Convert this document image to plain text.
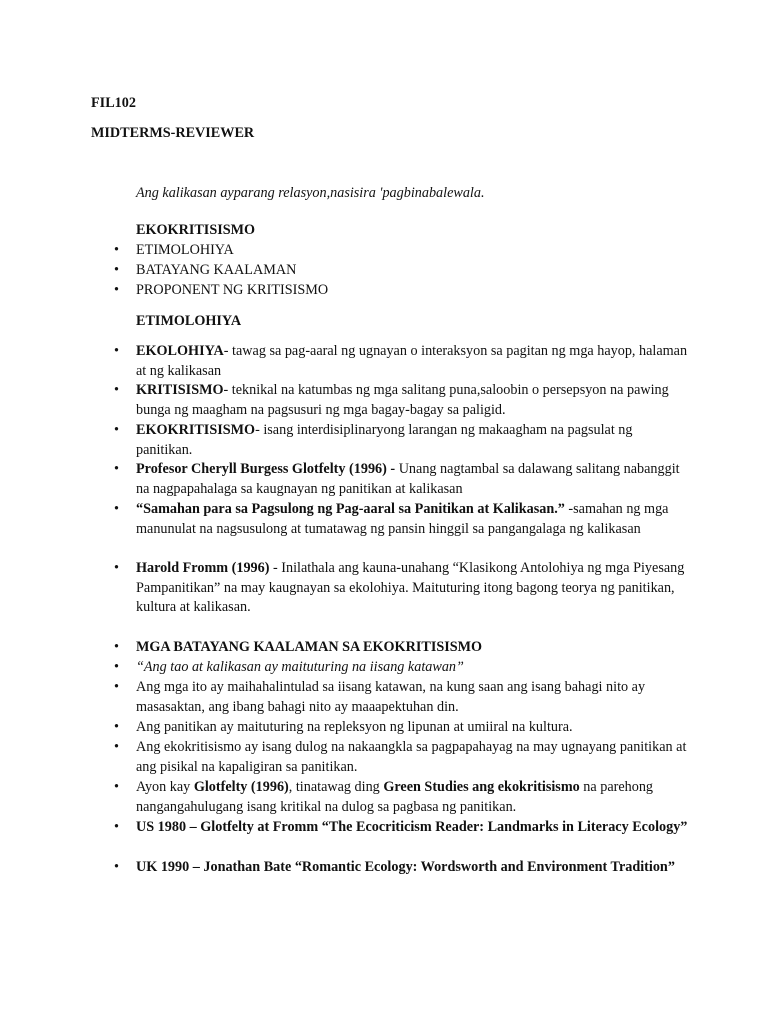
FIL102
MIDTERMS-REVIEWER
Ang kalikasan ayparang relasyon,nasisira 'pagbinabalewala.
EKOKRITISISMO
• ETIMOLOHIYA
• BATAYANG KAALAMAN
• PROPONENT NG KRITISISMO
ETIMOLOHIYA
• EKOLOHIYA- tawag sa pag-aaral ng ugnayan o interaksyon sa pagitan ng mga hayop, halaman at ng kalikasan
• KRITISISMO- teknikal na katumbas ng mga salitang puna,saloobin o persepsyon na pawing bunga ng maagham na pagsusuri ng mga bagay-bagay sa paligid.
• EKOKRITISISMO- isang interdisiplinaryong larangan ng makaagham na pagsulat ng panitikan.
• Profesor Cheryll Burgess Glotfelty (1996) - Unang nagtambal sa dalawang salitang nabanggit na nagpapahalaga sa kaugnayan ng panitikan at kalikasan
• “Samahan para sa Pagsulong ng Pag-aaral sa Panitikan at Kalikasan.” -samahan ng mga manunulat na nagsusulong at tumatawag ng pansin hinggil sa pangangalaga ng kalikasan
• Harold Fromm (1996) - Inilathala ang kauna-unahang “Klasikong Antolohiya ng mga Piyesang Pampanitikan” na may kaugnayan sa ekolohiya. Maituturing itong bagong teorya ng panitikan, kultura at kalikasan.
• MGA BATAYANG KAALAMAN SA EKOKRITISISMO
• “Ang tao at kalikasan ay maituturing na iisang katawan”
• Ang mga ito ay maihahalintulad sa iisang katawan, na kung saan ang isang bahagi nito ay masasaktan, ang ibang bahagi nito ay maaapektuhan din.
• Ang panitikan ay maituturing na repleksyon ng lipunan at umiiral na kultura.
• Ang ekokritisismo ay isang dulog na nakaangkla sa pagpapahayag na may ugnayang panitikan at ang pisikal na kapaligiran sa panitikan.
• Ayon kay Glotfelty (1996), tinatawag ding Green Studies ang ekokritisismo na parehong nangangahulugang isang kritikal na dulog sa pagbasa ng panitikan.
• US 1980 – Glotfelty at Fromm “The Ecocriticism Reader: Landmarks in Literacy Ecology”
• UK 1990 – Jonathan Bate “Romantic Ecology: Wordsworth and Environment Tradition”
